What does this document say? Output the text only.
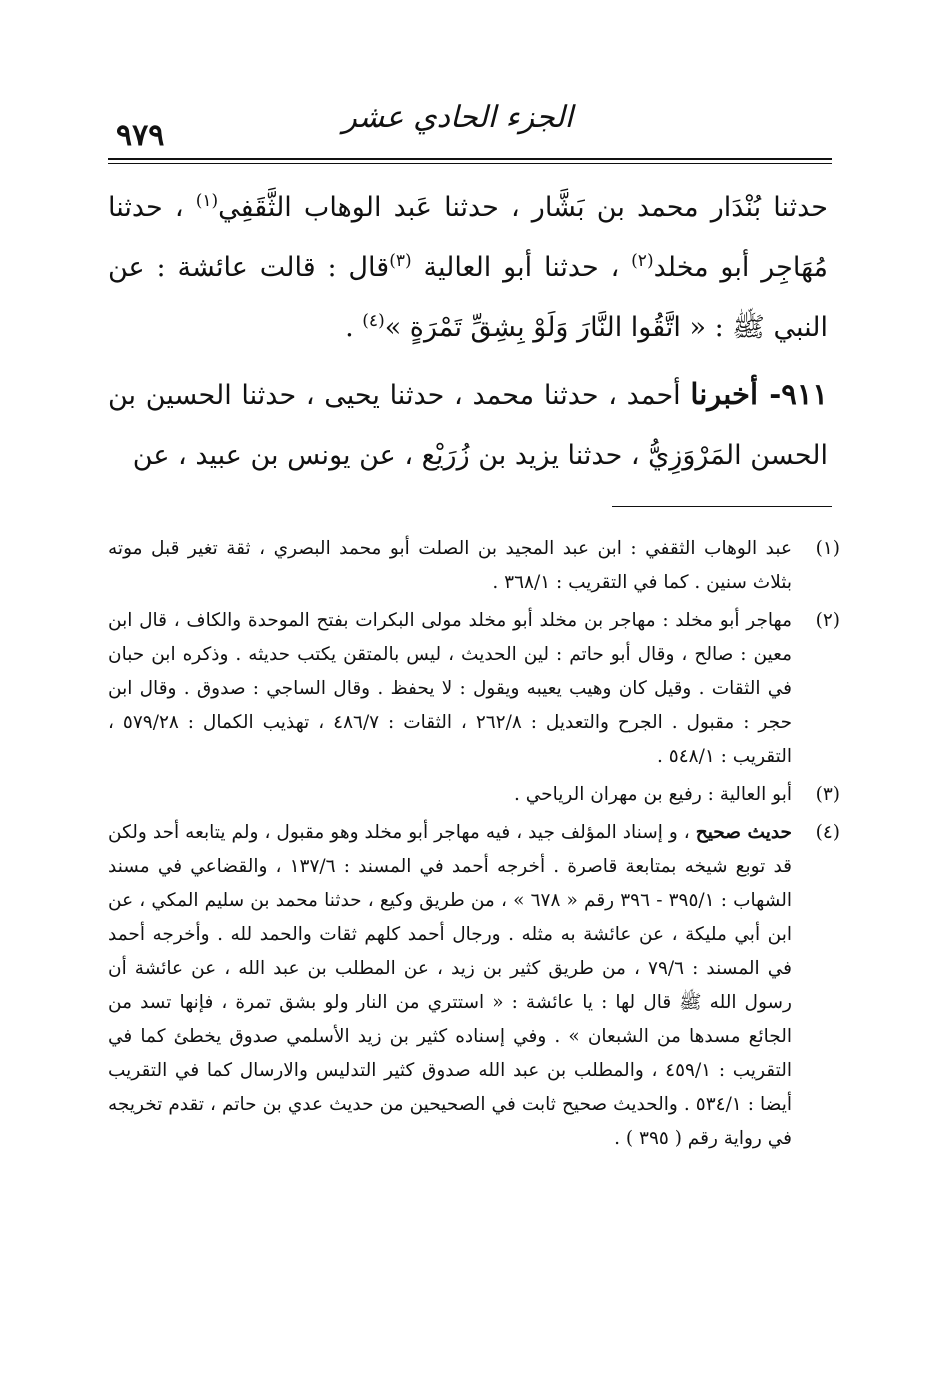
٩٧٩
الجزء الحادي عشر

حدثنا بُنْدَار محمد بن بَشَّار ، حدثنا عَبد الوهاب الثَّقَفِي$^{(١)}$ ، حدثنا مُهَاجِر أبو مخلد$^{(٢)}$ ، حدثنا أبو العالية $^{(٣)}$قال : قالت عائشة : عن النبي ﷺ : « اتَّقُوا النَّارَ وَلَوْ بِشِقِّ تَمْرَةٍ »$^{(٤)}$ .

٩١١- أخبرنا أحمد ، حدثنا محمد ، حدثنا يحيى ، حدثنا الحسين بن الحسن المَرْوَزِيُّ ، حدثنا يزيد بن زُرَيْع ، عن يونس بن عبيد ، عن

(١)
عبد الوهاب الثقفي : ابن عبد المجيد بن الصلت أبو محمد البصري ، ثقة تغير قبل موته بثلاث سنين . كما في التقريب : ٣٦٨/١ .
(٢)
مهاجر أبو مخلد : مهاجر بن مخلد أبو مخلد مولى البكرات بفتح الموحدة والكاف ، قال ابن معين : صالح ، وقال أبو حاتم : لين الحديث ، ليس بالمتقن يكتب حديثه . وذكره ابن حبان في الثقات . وقيل كان وهيب يعيبه ويقول : لا يحفظ . وقال الساجي : صدوق . وقال ابن حجر : مقبول . الجرح والتعديل : ٢٦٢/٨ ، الثقات : ٤٨٦/٧ ، تهذيب الكمال : ٥٧٩/٢٨ ، التقريب : ٥٤٨/١ .
(٣)
أبو العالية : رفيع بن مهران الرياحي .
(٤)
حديث صحيح ، و إسناد المؤلف جيد ، فيه مهاجر أبو مخلد وهو مقبول ، ولم يتابعه أحد ولكن قد توبع شيخه بمتابعة قاصرة . أخرجه أحمد في المسند : ١٣٧/٦ ، والقضاعي في مسند الشهاب : ٣٩٥/١ - ٣٩٦ رقم « ٦٧٨ » ، من طريق وكيع ، حدثنا محمد بن سليم المكي ، عن ابن أبي مليكة ، عن عائشة به مثله . ورجال أحمد كلهم ثقات والحمد لله . وأخرجه أحمد في المسند : ٧٩/٦ ، من طريق كثير بن زيد ، عن المطلب بن عبد الله ، عن عائشة أن رسول الله ﷺ قال لها : يا عائشة : « استتري من النار ولو بشق تمرة ، فإنها تسد من الجائع مسدها من الشبعان » . وفي إسناده كثير بن زيد الأسلمي صدوق يخطئ كما في التقريب : ٤٥٩/١ ، والمطلب بن عبد الله صدوق كثير التدليس والارسال كما في التقريب أيضا : ٥٣٤/١ . والحديث صحيح ثابت في الصحيحين من حديث عدي بن حاتم ، تقدم تخريجه في رواية رقم ( ٣٩٥ ) .
